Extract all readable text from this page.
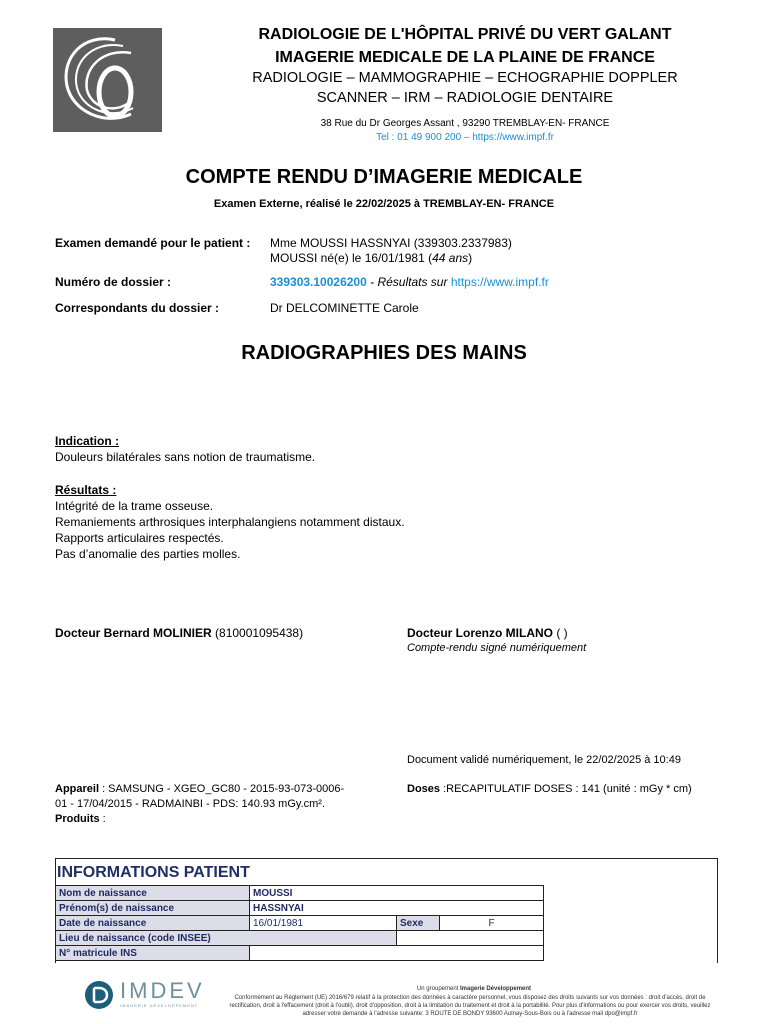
RADIOLOGIE DE L'HÔPITAL PRIVÉ DU VERT GALANT
IMAGERIE MEDICALE DE LA PLAINE DE FRANCE
RADIOLOGIE – MAMMOGRAPHIE – ECHOGRAPHIE DOPPLER
SCANNER – IRM – RADIOLOGIE DENTAIRE
38 Rue du Dr Georges Assant , 93290 TREMBLAY-EN- FRANCE
Tel : 01 49 900 200 – https://www.impf.fr
COMPTE RENDU D’IMAGERIE MEDICALE
Examen Externe, réalisé le 22/02/2025 à TREMBLAY-EN- FRANCE
Examen demandé pour le patient : Mme MOUSSI HASSNYAI (339303.2337983)
MOUSSI né(e) le 16/01/1981 (44 ans)
Numéro de dossier :	339303.10026200 - Résultats sur https://www.impf.fr
Correspondants du dossier :	Dr DELCOMINETTE Carole
RADIOGRAPHIES DES MAINS
Indication :
Douleurs bilatérales sans notion de traumatisme.
Résultats :
Intégrité de la trame osseuse.
Remaniements arthrosiques interphalangiens notamment distaux.
Rapports articulaires respectés.
Pas d’anomalie des parties molles.
Docteur Bernard MOLINIER (810001095438)	Docteur Lorenzo MILANO ( )
Compte-rendu signé numériquement
Document validé numériquement, le 22/02/2025 à 10:49
Appareil : SAMSUNG - XGEO_GC80 - 2015-93-073-0006-
01 - 17/04/2015 - RADMAINBI - PDS: 140.93 mGy.cm².
Produits :
Doses :RECAPITULATIF DOSES : 141 (unité : mGy * cm)
INFORMATIONS PATIENT
Nom de naissance	MOUSSI		
Prénom(s) de naissance	HASSNYAI		
Date de naissance	16/01/1981	Sexe	F
Lieu de naissance (code INSEE)			
N° matricule INS			
Un groupement Imagerie Développement
IMDEV
IMAGERIE DÉVELOPPEMENT
Conformément au Règlement (UE) 2016/679 relatif à la protection des données à caractère personnel, vous disposez des droits suivants sur vos données : droit d'accès, droit de
rectification, droit à l'effacement (droit à l'oubli), droit d'opposition, droit à la limitation du traitement et droit à la portabilité. Pour plus d'informations ou pour exercer vos droits, veuillez
adresser votre demande à l'adresse suivante: 3 ROUTE DE BONDY 93600 Aulnay-Sous-Bois ou à l'adresse mail dpo@impf.fr
